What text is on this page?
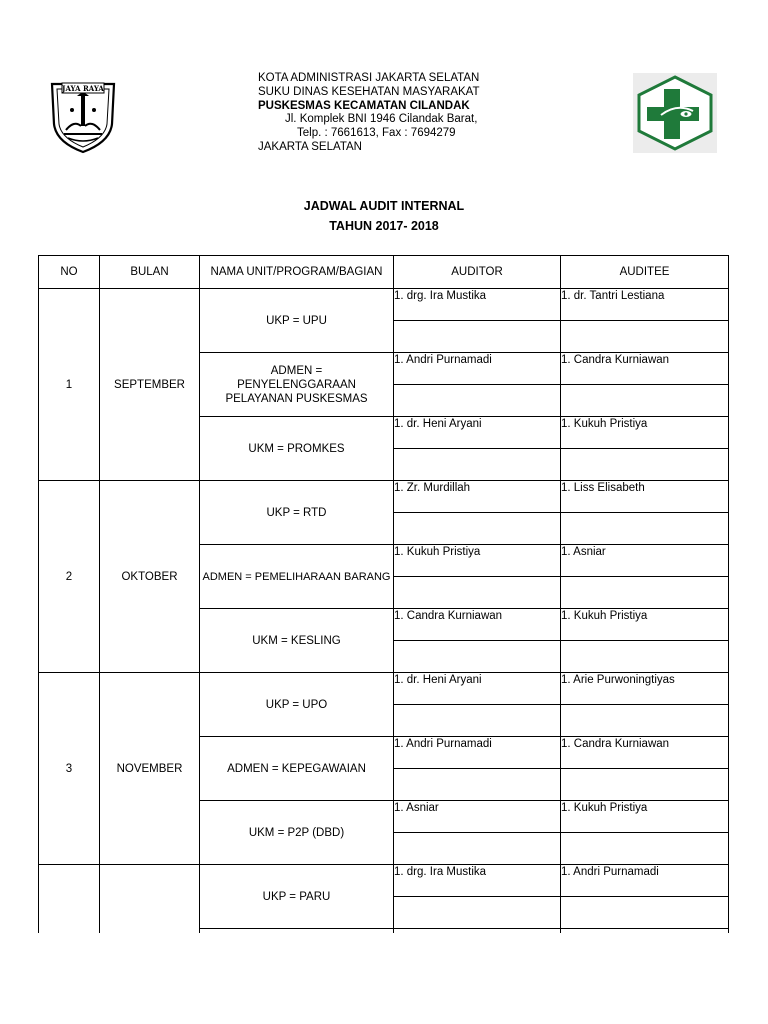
JAYA RAYA
KOTA ADMINISTRASI JAKARTA SELATAN
SUKU DINAS KESEHATAN MASYARAKAT
PUSKESMAS KECAMATAN CILANDAK
Jl. Komplek BNI 1946 Cilandak Barat,
Telp. : 7661613, Fax : 7694279
JAKARTA SELATAN
JADWAL AUDIT INTERNAL
TAHUN 2017- 2018
NO	BULAN	NAMA UNIT/PROGRAM/BAGIAN	AUDITOR	AUDITEE
1	SEPTEMBER	UKP = UPU	1. drg. Ira Mustika	1. dr. Tantri Lestiana

		ADMEN = PENYELENGGARAAN PELAYANAN PUSKESMAS	1. Andri Purnamadi	1. Candra Kurniawan

		UKM = PROMKES	1. dr. Heni Aryani	1. Kukuh Pristiya

2	OKTOBER	UKP = RTD	1. Zr. Murdillah	1. Liss Elisabeth

		ADMEN = PEMELIHARAAN BARANG	1. Kukuh Pristiya	1. Asniar

		UKM = KESLING	1. Candra Kurniawan	1. Kukuh Pristiya

3	NOVEMBER	UKP = UPO	1. dr. Heni Aryani	1. Arie Purwoningtiyas

		ADMEN = KEPEGAWAIAN	1. Andri Purnamadi	1. Candra Kurniawan

		UKM = P2P (DBD)	1. Asniar	1. Kukuh Pristiya

		UKP = PARU	1. drg. Ira Mustika	1. Andri Purnamadi
